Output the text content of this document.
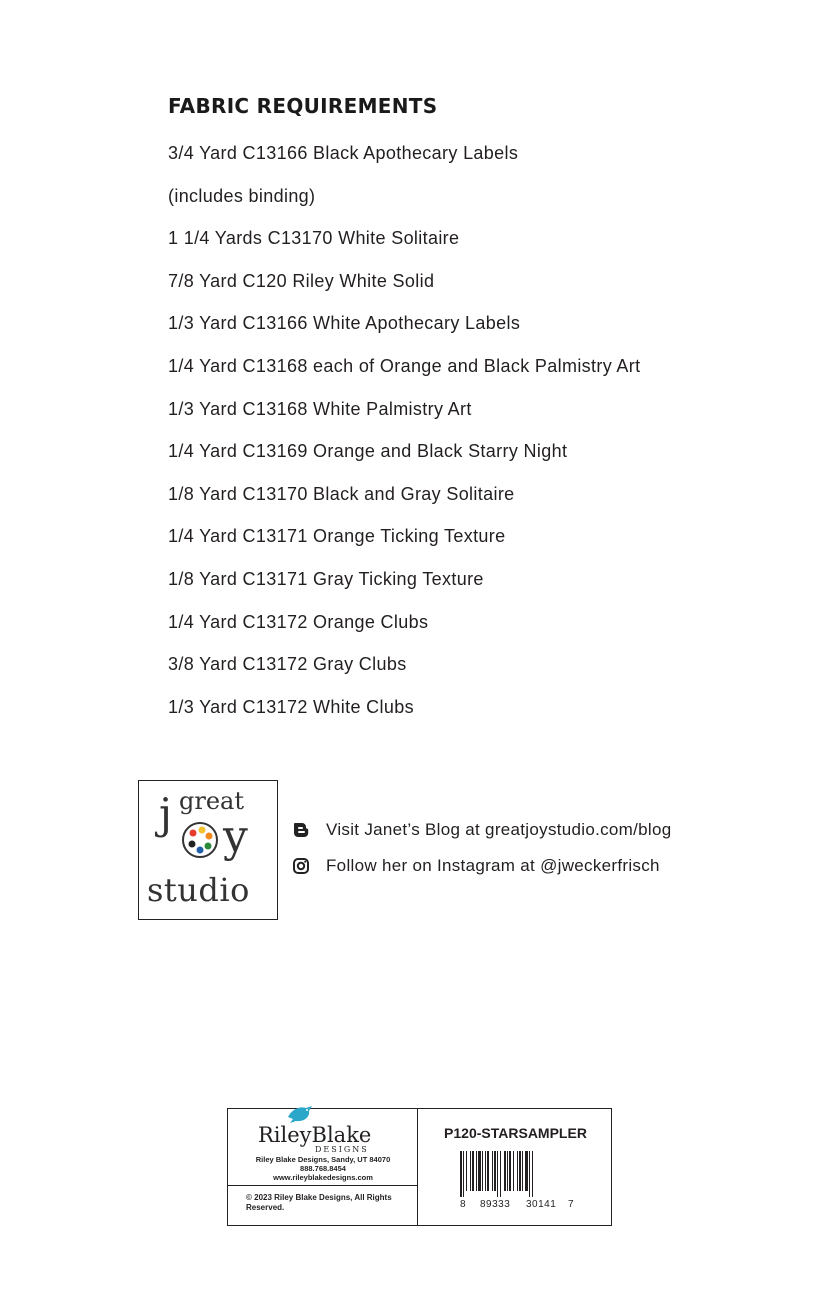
FABRIC REQUIREMENTS
3/4 Yard C13166 Black Apothecary Labels
(includes binding)
1 1/4 Yards C13170 White Solitaire
7/8 Yard C120 Riley White Solid
1/3 Yard C13166 White Apothecary Labels
1/4 Yard C13168 each of Orange and Black Palmistry Art
1/3 Yard C13168 White Palmistry Art
1/4 Yard C13169 Orange and Black Starry Night
1/8 Yard C13170 Black and Gray Solitaire
1/4 Yard C13171 Orange Ticking Texture
1/8 Yard C13171 Gray Ticking Texture
1/4 Yard C13172 Orange Clubs
3/8 Yard C13172 Gray Clubs
1/3 Yard C13172 White Clubs
great
j y
studio
Visit Janet’s Blog at greatjoystudio.com/blog
Follow her on Instagram at @jweckerfrisch
RileyBlake
DESIGNS
Riley Blake Designs, Sandy, UT 84070
888.768.8454
www.rileyblakedesigns.com
© 2023 Riley Blake Designs, All Rights Reserved.
P120-STARSAMPLER
8 89333 30141 7
